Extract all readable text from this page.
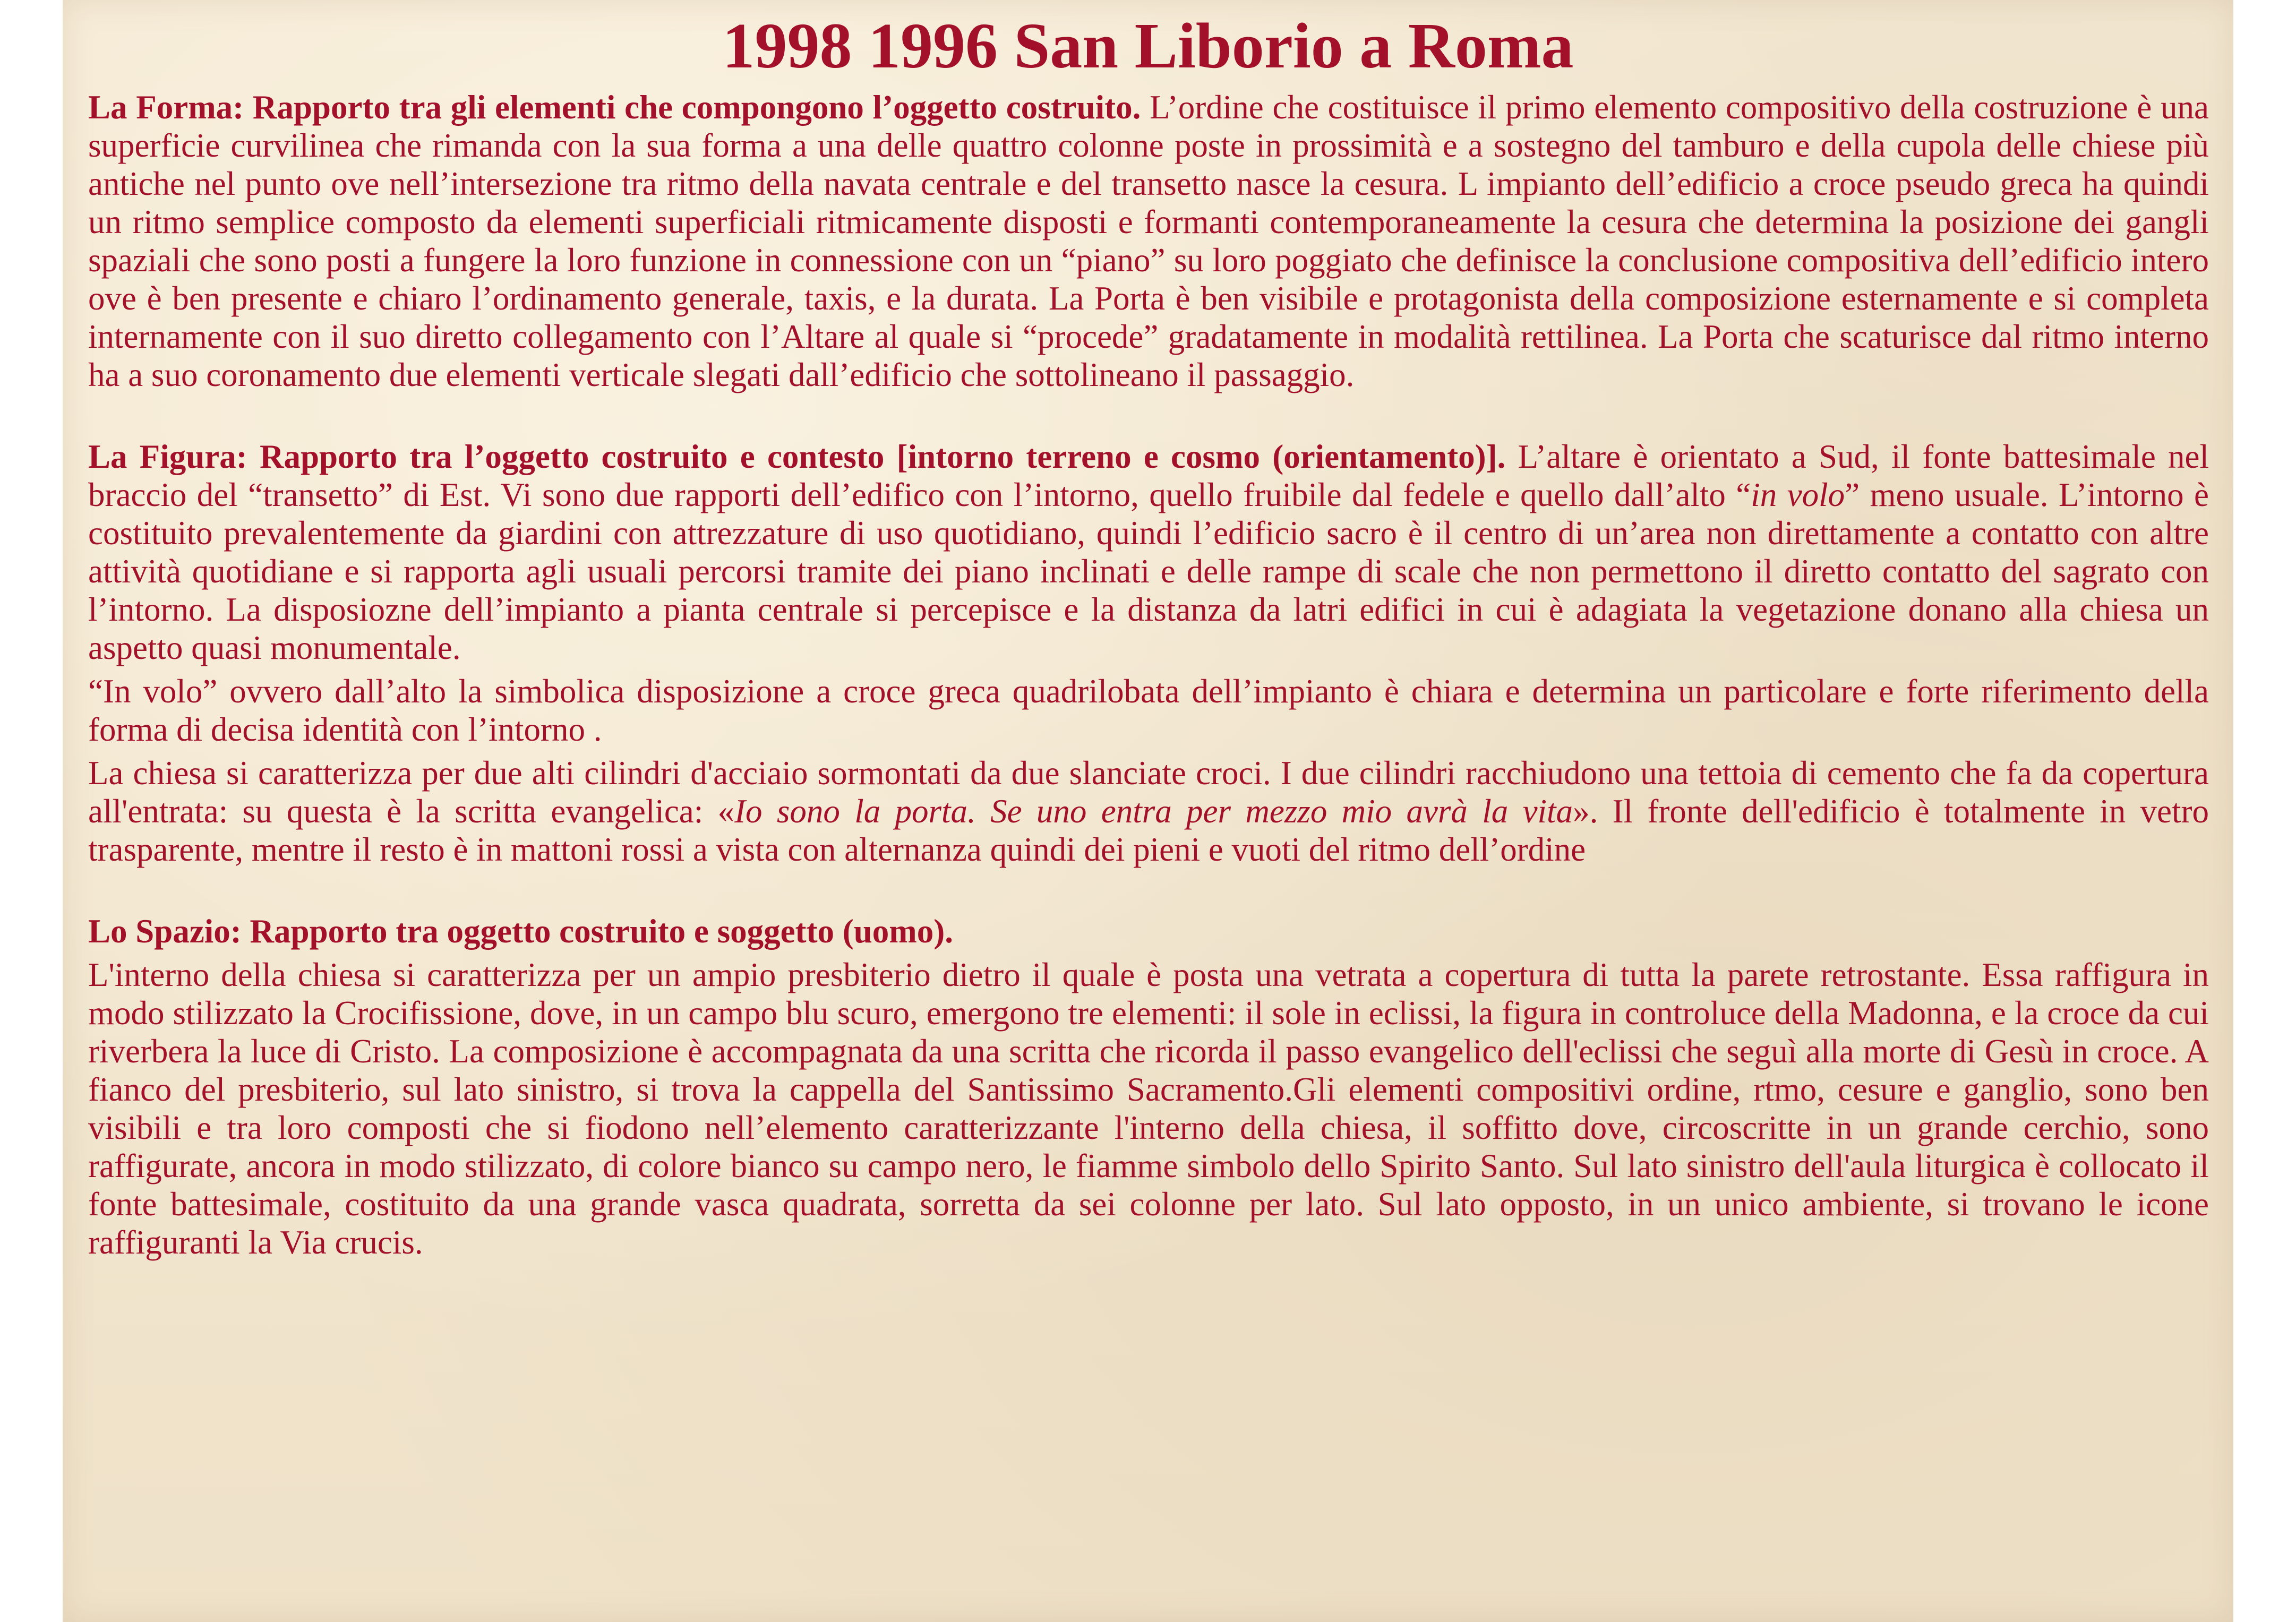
1998 1996 San Liborio a Roma

La Forma: Rapporto tra gli elementi che compongono l’oggetto costruito. L’ordine che costituisce il primo elemento compositivo della costruzione è una superficie curvilinea che rimanda con la sua forma a una delle quattro colonne poste in prossimità e a sostegno del tamburo e della cupola delle chiese più antiche nel punto ove nell’intersezione tra ritmo della navata centrale e del transetto nasce la cesura. L impianto dell’edificio a croce pseudo greca ha quindi un ritmo semplice composto da elementi superficiali ritmicamente disposti e formanti contemporaneamente la cesura che determina la posizione dei gangli spaziali che sono posti a fungere la loro funzione in connessione con un “piano” su loro poggiato che definisce la conclusione compositiva dell’edificio intero ove è ben presente e chiaro l’ordinamento generale, taxis, e la durata. La Porta è ben visibile e protagonista della composizione esternamente e si completa internamente con il suo diretto collegamento con l’Altare al quale si “procede” gradatamente in modalità rettilinea. La Porta che scaturisce dal ritmo interno ha a suo coronamento due elementi verticale slegati dall’edificio che sottolineano il passaggio.

La Figura: Rapporto tra l’oggetto costruito e contesto [intorno terreno e cosmo (orientamento)]. L’altare è orientato a Sud, il fonte battesimale nel braccio del “transetto” di Est. Vi sono due rapporti dell’edifico con l’intorno, quello fruibile dal fedele e quello dall’alto “in volo” meno usuale. L’intorno è costituito prevalentemente da giardini con attrezzature di uso quotidiano, quindi l’edificio sacro è il centro di un’area non direttamente a contatto con altre attività quotidiane e si rapporta agli usuali percorsi tramite dei piano inclinati e delle rampe di scale che non permettono il diretto contatto del sagrato con l’intorno. La disposiozne dell’impianto a pianta centrale si percepisce e la distanza da latri edifici in cui è adagiata la vegetazione donano alla chiesa un aspetto quasi monumentale.

“In volo” ovvero dall’alto la simbolica disposizione a croce greca quadrilobata dell’impianto è chiara e determina un particolare e forte riferimento della forma di decisa identità con l’intorno .

La chiesa si caratterizza per due alti cilindri d'acciaio sormontati da due slanciate croci. I due cilindri racchiudono una tettoia di cemento che fa da copertura all'entrata: su questa è la scritta evangelica: «Io sono la porta. Se uno entra per mezzo mio avrà la vita». Il fronte dell'edificio è totalmente in vetro trasparente, mentre il resto è in mattoni rossi a vista con alternanza quindi dei pieni e vuoti del ritmo dell’ordine

Lo Spazio: Rapporto tra oggetto costruito e soggetto (uomo).

L'interno della chiesa si caratterizza per un ampio presbiterio dietro il quale è posta una vetrata a copertura di tutta la parete retrostante. Essa raffigura in modo stilizzato la Crocifissione, dove, in un campo blu scuro, emergono tre elementi: il sole in eclissi, la figura in controluce della Madonna, e la croce da cui riverbera la luce di Cristo. La composizione è accompagnata da una scritta che ricorda il passo evangelico dell'eclissi che seguì alla morte di Gesù in croce. A fianco del presbiterio, sul lato sinistro, si trova la cappella del Santissimo Sacramento.Gli elementi compositivi ordine, rtmo, cesure e ganglio, sono ben visibili e tra loro composti che si fiodono nell’elemento caratterizzante l'interno della chiesa, il soffitto dove, circoscritte in un grande cerchio, sono raffigurate, ancora in modo stilizzato, di colore bianco su campo nero, le fiamme simbolo dello Spirito Santo. Sul lato sinistro dell'aula liturgica è collocato il fonte battesimale, costituito da una grande vasca quadrata, sorretta da sei colonne per lato. Sul lato opposto, in un unico ambiente, si trovano le icone raffiguranti la Via crucis.
